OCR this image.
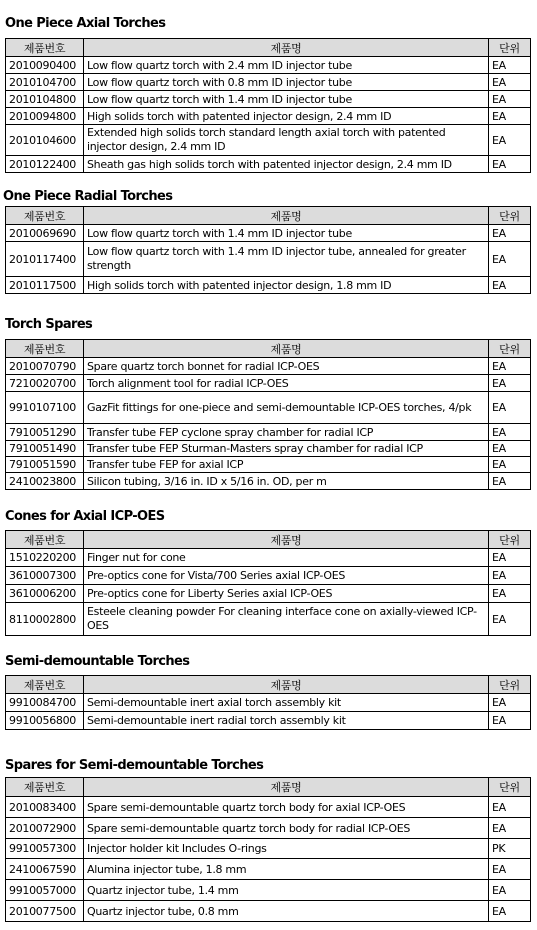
One Piece Axial Torches
제품번호	제품명	단위
2010090400	Low flow quartz torch with 2.4 mm ID injector tube	EA
2010104700	Low flow quartz torch with 0.8 mm ID injector tube	EA
2010104800	Low flow quartz torch with 1.4 mm ID injector tube	EA
2010094800	High solids torch with patented injector design, 2.4 mm ID	EA
2010104600	Extended high solids torch standard length axial torch with patented injector design, 2.4 mm ID	EA
2010122400	Sheath gas high solids torch with patented injector design, 2.4 mm ID	EA
One Piece Radial Torches
제품번호	제품명	단위
2010069690	Low flow quartz torch with 1.4 mm ID injector tube	EA
2010117400	Low flow quartz torch with 1.4 mm ID injector tube, annealed for greater strength	EA
2010117500	High solids torch with patented injector design, 1.8 mm ID	EA
Torch Spares
제품번호	제품명	단위
2010070790	Spare quartz torch bonnet for radial ICP-OES	EA
7210020700	Torch alignment tool for radial ICP-OES	EA
9910107100	GazFit fittings for one-piece and semi-demountable ICP-OES torches, 4/pk	EA
7910051290	Transfer tube FEP cyclone spray chamber for radial ICP	EA
7910051490	Transfer tube FEP Sturman-Masters spray chamber for radial ICP	EA
7910051590	Transfer tube FEP for axial ICP	EA
2410023800	Silicon tubing, 3/16 in. ID x 5/16 in. OD, per m	EA
Cones for Axial ICP-OES
제품번호	제품명	단위
1510220200	Finger nut for cone	EA
3610007300	Pre-optics cone for Vista/700 Series axial ICP-OES	EA
3610006200	Pre-optics cone for Liberty Series axial ICP-OES	EA
8110002800	Esteele cleaning powder For cleaning interface cone on axially-viewed ICP-OES	EA
Semi-demountable Torches
제품번호	제품명	단위
9910084700	Semi-demountable inert axial torch assembly kit	EA
9910056800	Semi-demountable inert radial torch assembly kit	EA
Spares for Semi-demountable Torches
제품번호	제품명	단위
2010083400	Spare semi-demountable quartz torch body for axial ICP-OES	EA
2010072900	Spare semi-demountable quartz torch body for radial ICP-OES	EA
9910057300	Injector holder kit Includes O-rings	PK
2410067590	Alumina injector tube, 1.8 mm	EA
9910057000	Quartz injector tube, 1.4 mm	EA
2010077500	Quartz injector tube, 0.8 mm	EA
